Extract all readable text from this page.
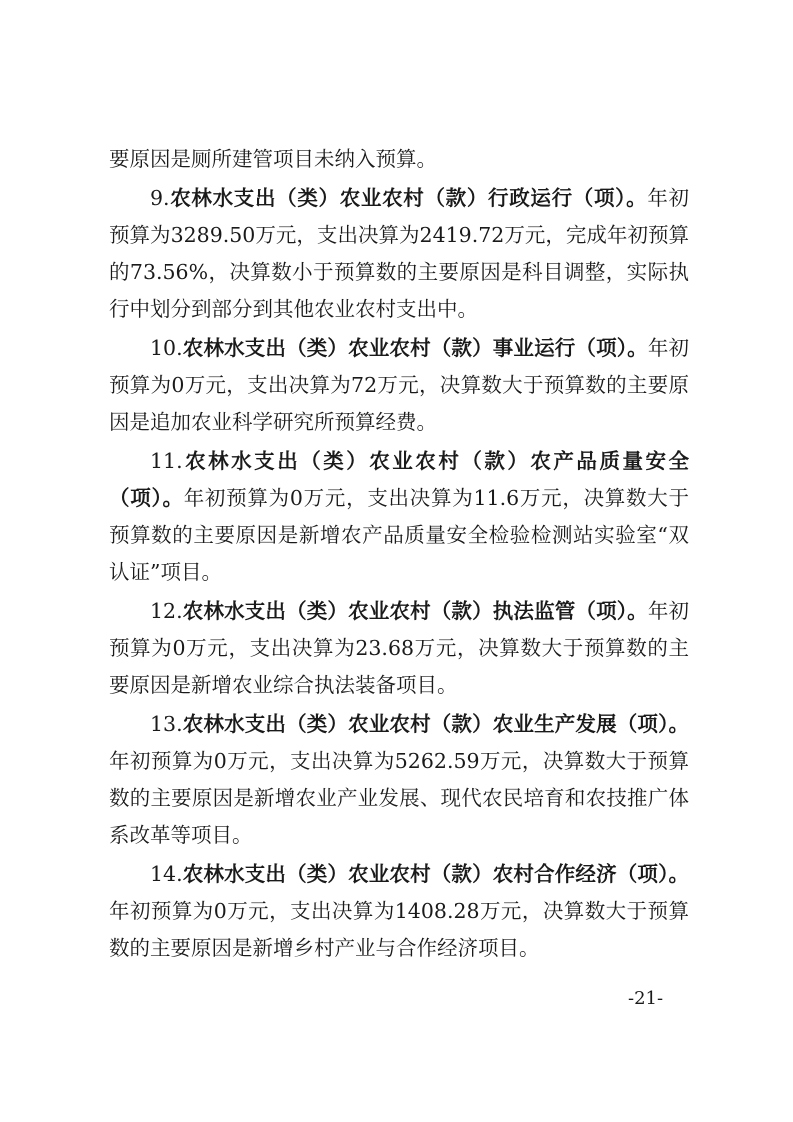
要原因是厕所建管项目未纳入预算。

9.农林水支出（类）农业农村（款）行政运行（项）。年初预算为3289.50万元，支出决算为2419.72万元，完成年初预算的73.56%，决算数小于预算数的主要原因是科目调整，实际执行中划分到部分到其他农业农村支出中。

10.农林水支出（类）农业农村（款）事业运行（项）。年初预算为0万元，支出决算为72万元，决算数大于预算数的主要原因是追加农业科学研究所预算经费。

11.农林水支出（类）农业农村（款）农产品质量安全（项）。年初预算为0万元，支出决算为11.6万元，决算数大于预算数的主要原因是新增农产品质量安全检验检测站实验室“双认证”项目。

12.农林水支出（类）农业农村（款）执法监管（项）。年初预算为0万元，支出决算为23.68万元，决算数大于预算数的主要原因是新增农业综合执法装备项目。

13.农林水支出（类）农业农村（款）农业生产发展（项）。年初预算为0万元，支出决算为5262.59万元，决算数大于预算数的主要原因是新增农业产业发展、现代农民培育和农技推广体系改革等项目。

14.农林水支出（类）农业农村（款）农村合作经济（项）。年初预算为0万元，支出决算为1408.28万元，决算数大于预算数的主要原因是新增乡村产业与合作经济项目。

-21-
